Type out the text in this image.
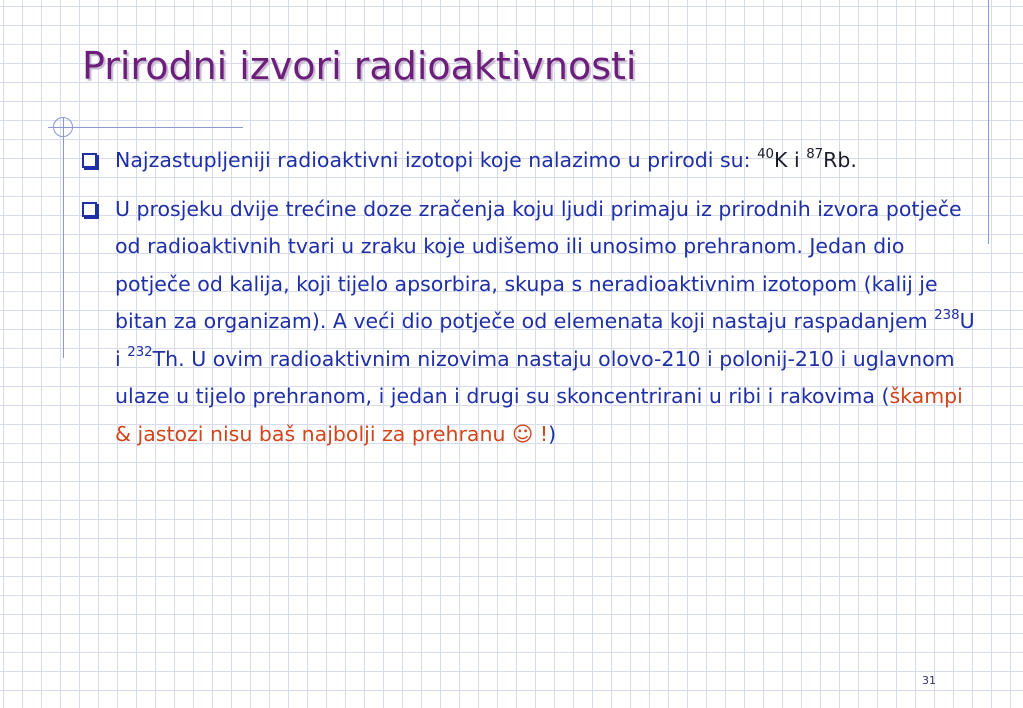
Prirodni izvori radioaktivnosti
Najzastupljeniji radioaktivni izotopi koje nalazimo u prirodi su: $^{40}$K i $^{87}$Rb.
U prosjeku dvije trećine doze zračenja koju ljudi primaju iz prirodnih izvora potječe od radioaktivnih tvari u zraku koje udišemo ili unosimo prehranom. Jedan dio potječe od kalija, koji tijelo apsorbira, skupa s neradioaktivnim izotopom (kalij je bitan za organizam). A veći dio potječe od elemenata koji nastaju raspadanjem $^{238}$U i $^{232}$Th. U ovim radioaktivnim nizovima nastaju olovo-210 i polonij-210 i uglavnom ulaze u tijelo prehranom, i jedan i drugi su skoncentrirani u ribi i rakovima (škampi & jastozi nisu baš najbolji za prehranu ☺ !)
31
